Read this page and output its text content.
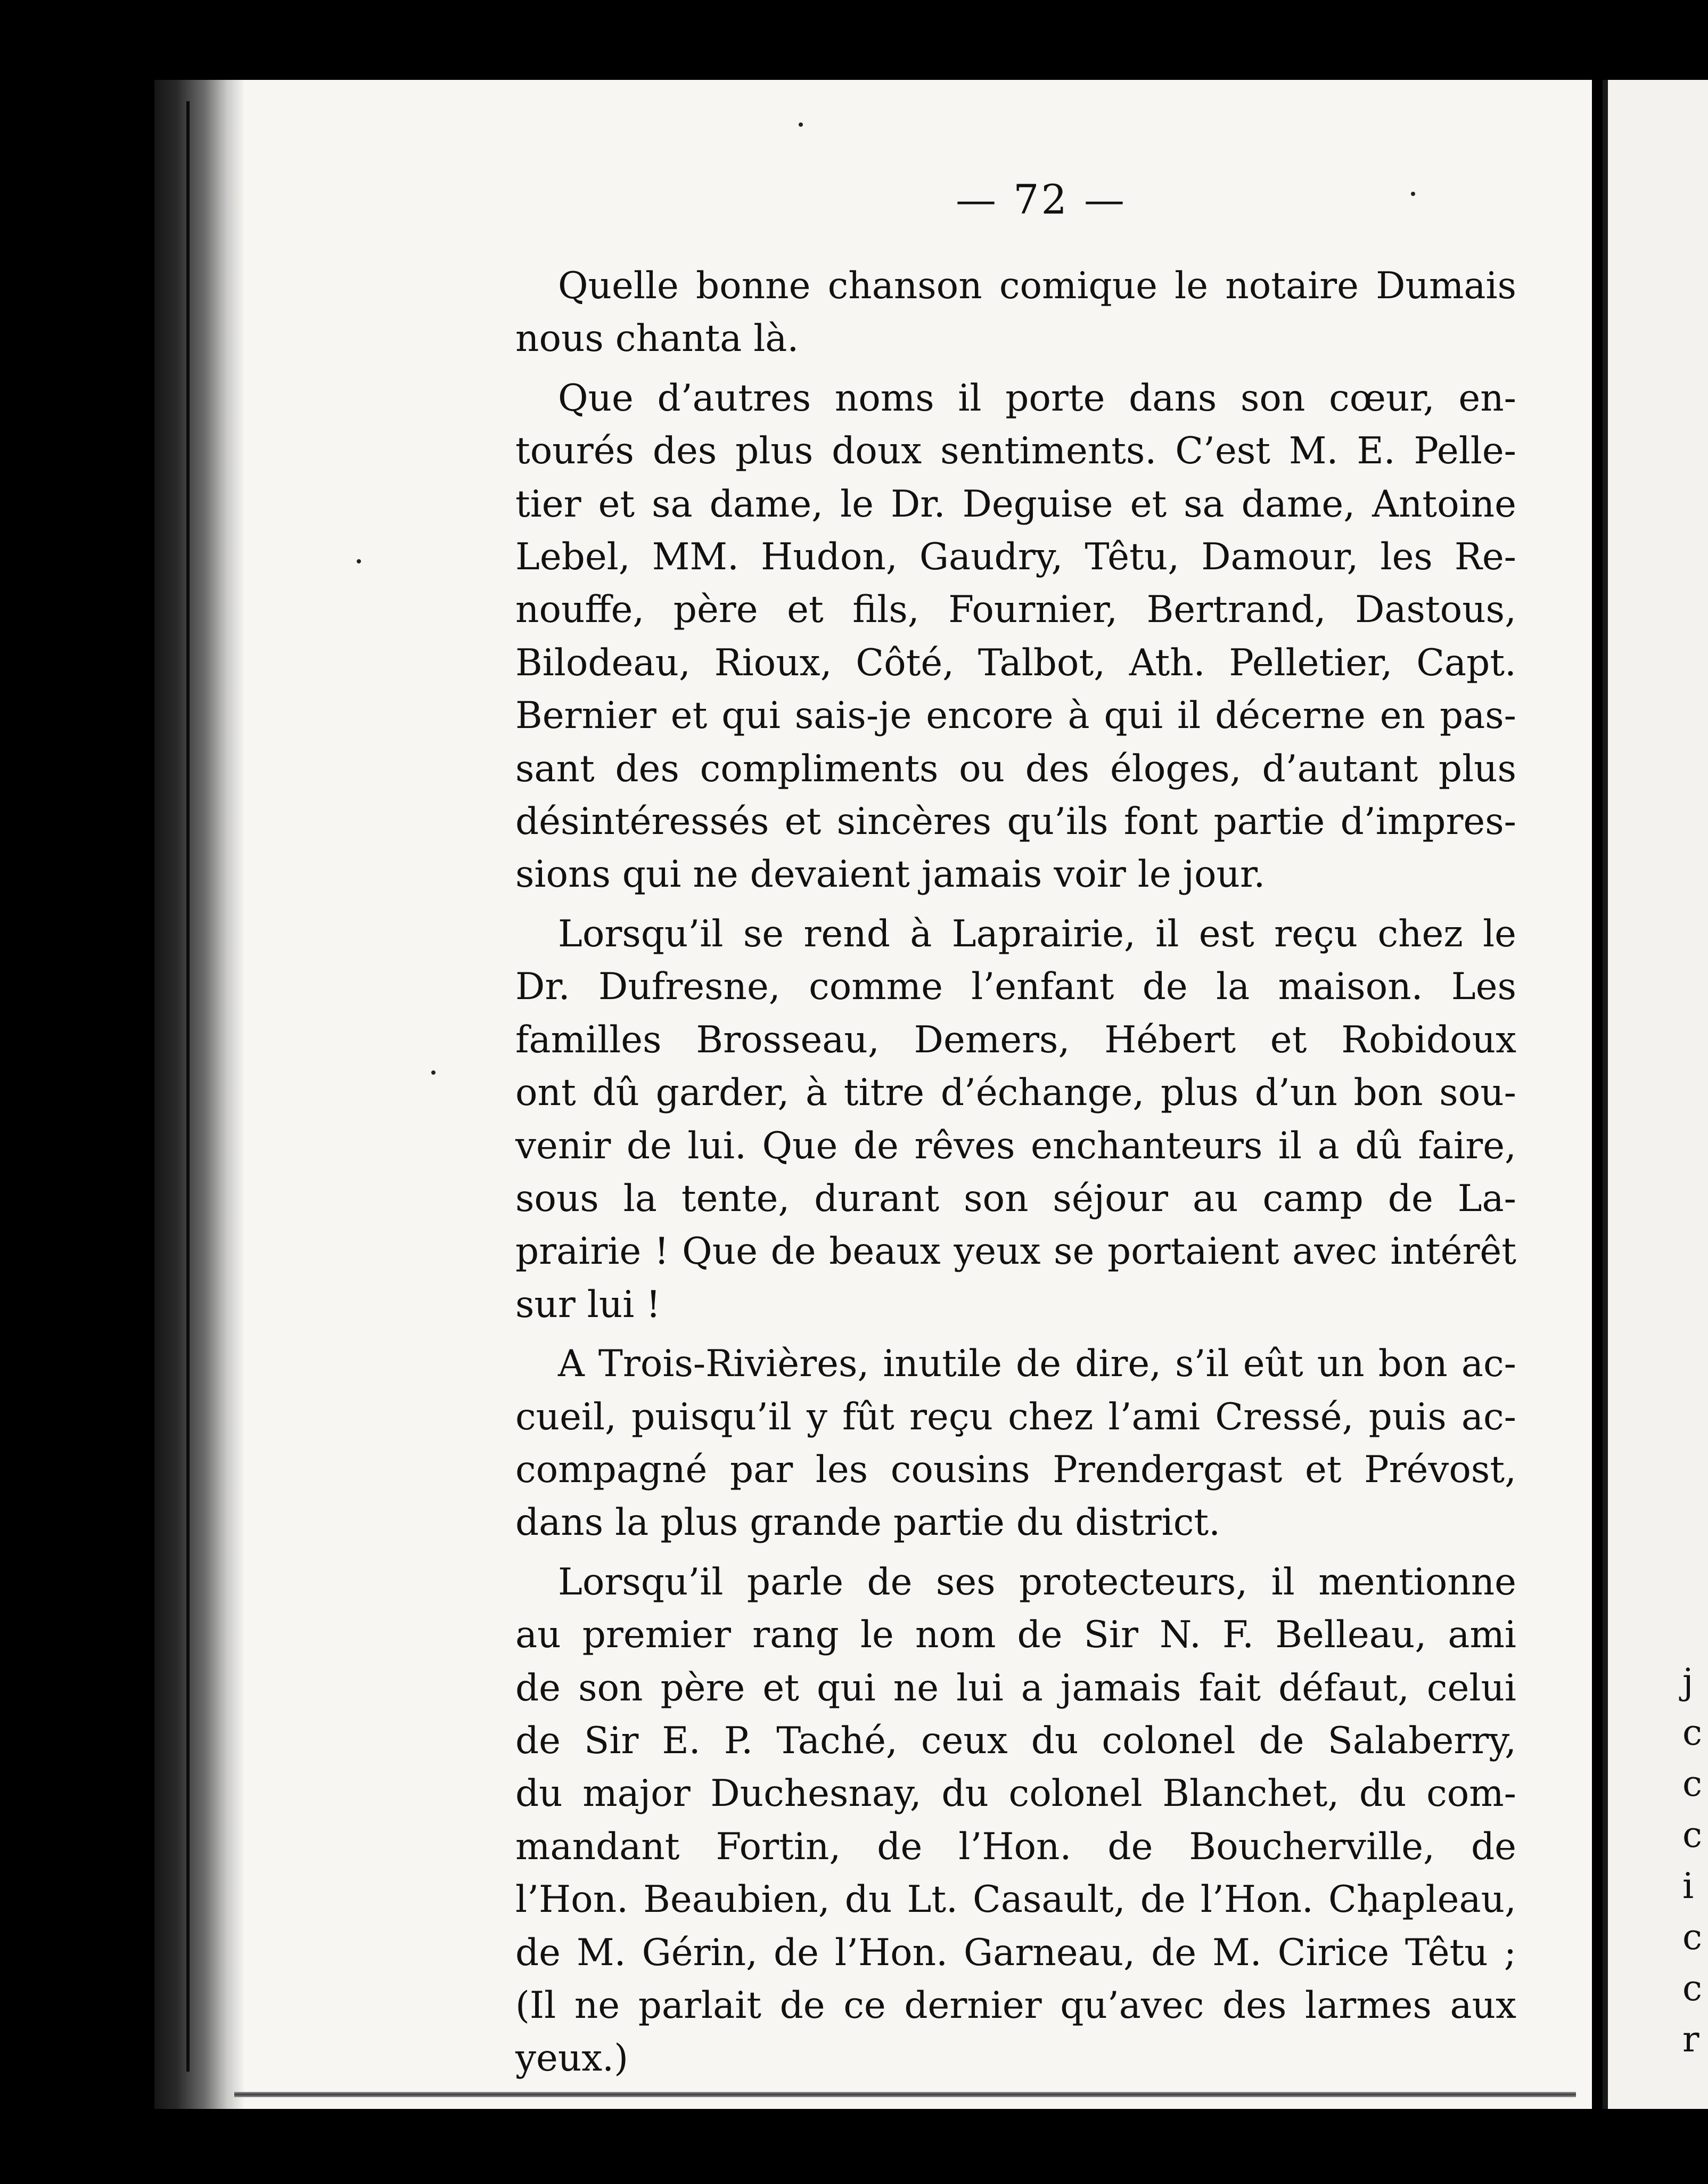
j
c
c
c
i
c
c
r
— 72 —
Quelle bonne chanson comique le notaire Dumais
nous chanta là.
Que d’autres noms il porte dans son cœur, en-
tourés des plus doux sentiments. C’est M. E. Pelle-
tier et sa dame, le Dr. Deguise et sa dame, Antoine
Lebel, MM. Hudon, Gaudry, Têtu, Damour, les Re-
nouffe, père et fils, Fournier, Bertrand, Dastous,
Bilodeau, Rioux, Côté, Talbot, Ath. Pelletier, Capt.
Bernier et qui sais-je encore à qui il décerne en pas-
sant des compliments ou des éloges, d’autant plus
désintéressés et sincères qu’ils font partie d’impres-
sions qui ne devaient jamais voir le jour.
Lorsqu’il se rend à Laprairie, il est reçu chez le
Dr. Dufresne, comme l’enfant de la maison. Les
familles Brosseau, Demers, Hébert et Robidoux
ont dû garder, à titre d’échange, plus d’un bon sou-
venir de lui. Que de rêves enchanteurs il a dû faire,
sous la tente, durant son séjour au camp de La-
prairie ! Que de beaux yeux se portaient avec intérêt
sur lui !
A Trois-Rivières, inutile de dire, s’il eût un bon ac-
cueil, puisqu’il y fût reçu chez l’ami Cressé, puis ac-
compagné par les cousins Prendergast et Prévost,
dans la plus grande partie du district.
Lorsqu’il parle de ses protecteurs, il mentionne
au premier rang le nom de Sir N. F. Belleau, ami
de son père et qui ne lui a jamais fait défaut, celui
de Sir E. P. Taché, ceux du colonel de Salaberry,
du major Duchesnay, du colonel Blanchet, du com-
mandant Fortin, de l’Hon. de Boucherville, de
l’Hon. Beaubien, du Lt. Casault, de l’Hon. Chapleau,
de M. Gérin, de l’Hon. Garneau, de M. Cirice Têtu ;
(Il ne parlait de ce dernier qu’avec des larmes aux
yeux.)
